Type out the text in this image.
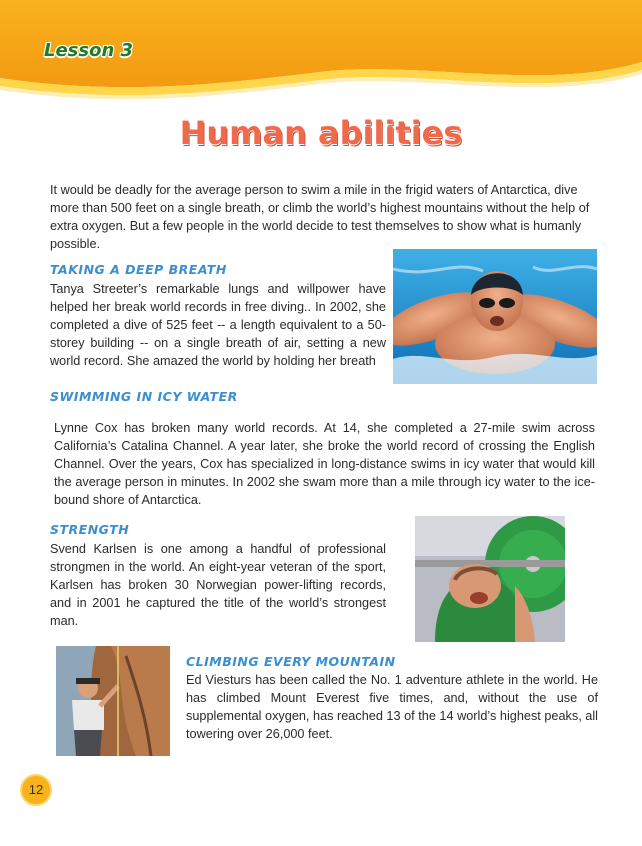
Lesson 3
Human abilities

It would be deadly for the average person to swim a mile in the frigid waters of Antarctica, dive more than 500 feet on a single breath, or climb the world’s highest mountains without the help of extra oxygen. But a few people in the world decide to test themselves to show what is humanly possible.

TAKING A DEEP BREATH

Tanya Streeter’s remarkable lungs and willpower have helped her break world records in free diving.. In 2002, she completed a dive of 525 feet -- a length equivalent to a 50-storey building -- on a single breath of air, setting a new world record. She amazed the world by holding her breath

SWIMMING IN ICY WATER

Lynne Cox has broken many world records. At 14, she completed a 27-mile swim across California’s Catalina Channel. A year later, she broke the world record of crossing the English Channel. Over the years, Cox has specialized in long-distance swims in icy water that would kill the average person in minutes. In 2002 she swam more than a mile through icy water to the ice-bound shore of Antarctica.

STRENGTH

Svend Karlsen is one among a handful of professional strongmen in the world. An eight-year veteran of the sport, Karlsen has broken 30 Norwegian power-lifting records, and in 2001 he captured the title of the world’s strongest man.

CLIMBING EVERY MOUNTAIN

Ed Viesturs has been called the No. 1 adventure athlete in the world. He has climbed Mount Everest five times, and, without the use of supplemental oxygen, has reached 13 of the 14 world’s highest peaks, all towering over 26,000 feet.

12
